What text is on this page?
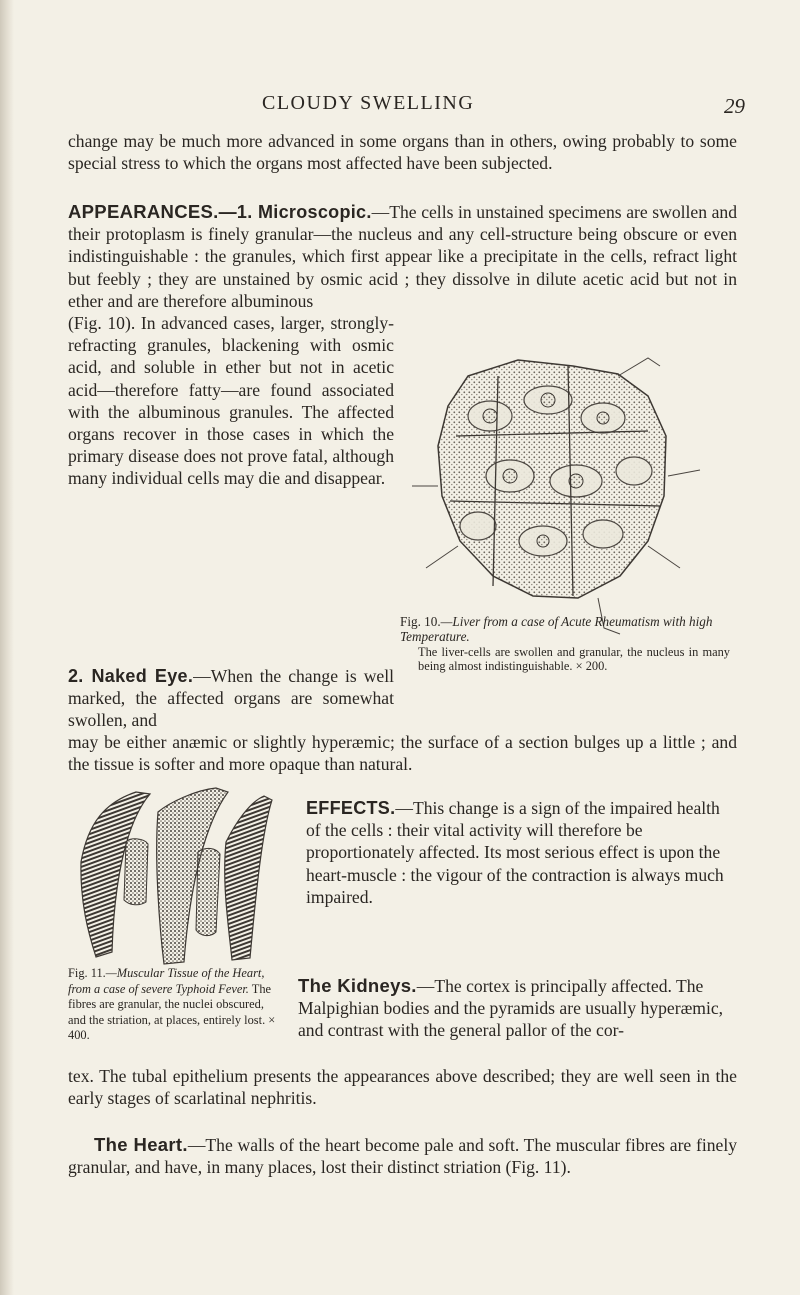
CLOUDY SWELLING	29

change may be much more advanced in some organs than in others, owing probably to some special stress to which the organs most affected have been subjected.

APPEARANCES.—1. Microscopic.—The cells in unstained specimens are swollen and their protoplasm is finely granular—the nucleus and any cell-structure being obscure or even indistinguishable : the granules, which first appear like a precipitate in the cells, refract light but feebly ; they are unstained by osmic acid ; they dissolve in dilute acetic acid but not in ether and are therefore albuminous

(Fig. 10). In advanced cases, larger, strongly-refracting granules, blackening with osmic acid, and soluble in ether but not in acetic acid—therefore fatty—are found associated with the albuminous granules. The affected organs recover in those cases in which the primary disease does not prove fatal, although many individual cells may die and disappear.

Fig. 10.—Liver from a case of Acute Rheumatism with high Temperature.
The liver-cells are swollen and granular, the nucleus in many being almost indistinguishable. × 200.

2. Naked Eye.—When the change is well marked, the affected organs are somewhat swollen, and

may be either anæmic or slightly hyperæmic; the surface of a section bulges up a little ; and the tissue is softer and more opaque than natural.

EFFECTS.—This change is a sign of the impaired health of the cells : their vital activity will therefore be proportionately affected. Its most serious effect is upon the heart-muscle : the vigour of the contraction is always much impaired.

Fig. 11.—Muscular Tissue of the Heart, from a case of severe Typhoid Fever. The fibres are granular, the nuclei obscured, and the striation, at places, entirely lost. × 400.

The Kidneys.—The cortex is principally affected. The Malpighian bodies and the pyramids are usually hyperæmic, and contrast with the general pallor of the cor-

tex. The tubal epithelium presents the appearances above described; they are well seen in the early stages of scarlatinal nephritis.

The Heart.—The walls of the heart become pale and soft. The muscular fibres are finely granular, and have, in many places, lost their distinct striation (Fig. 11).
